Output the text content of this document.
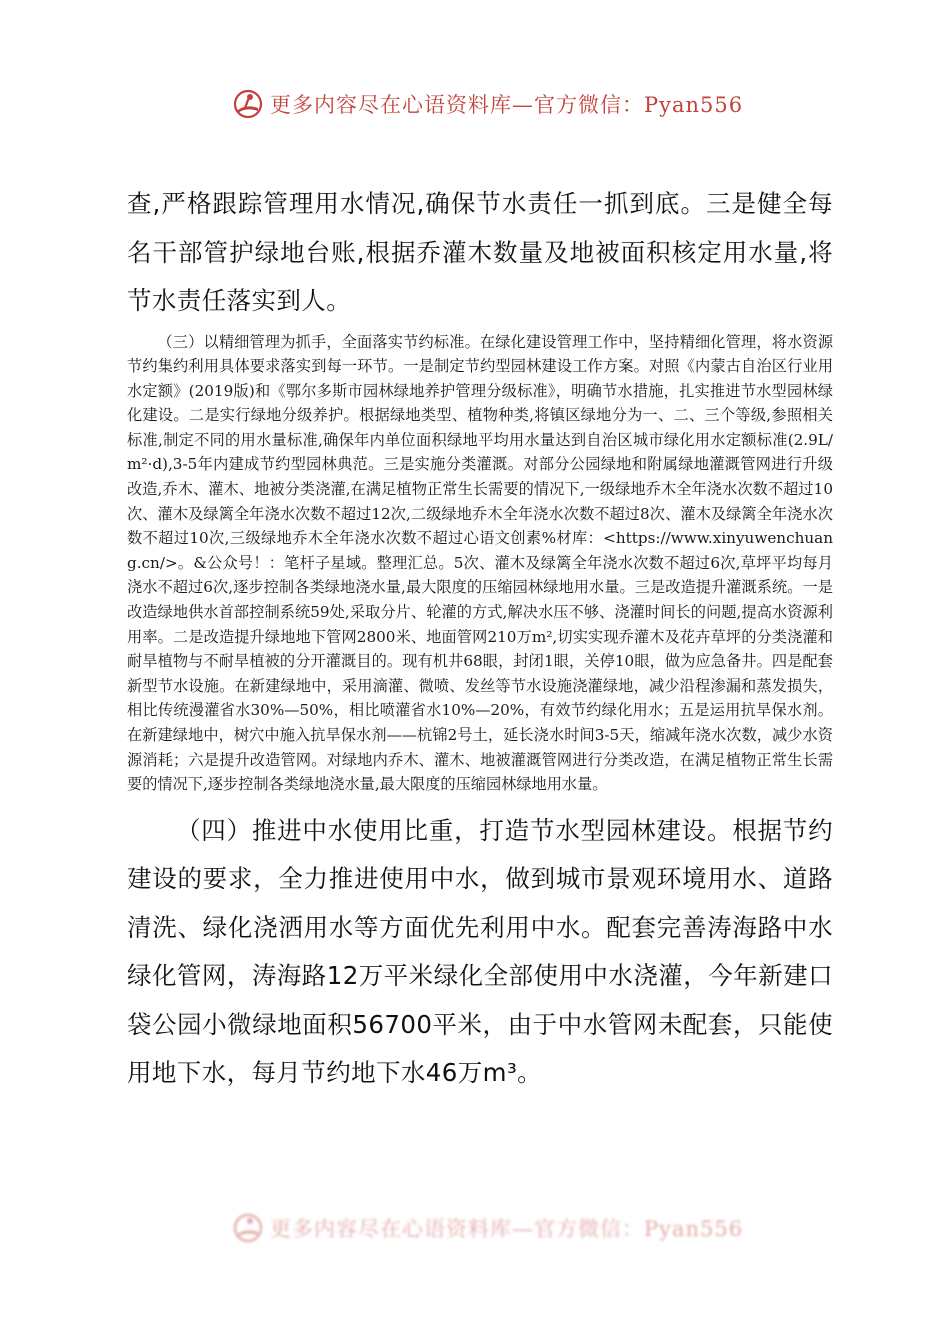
更多内容尽在心语资料库—官方微信：Pyan556

查,严格跟踪管理用水情况,确保节水责任一抓到底。三是健全每名干部管护绿地台账,根据乔灌木数量及地被面积核定用水量,将节水责任落实到人。

（三）以精细管理为抓手，全面落实节约标准。在绿化建设管理工作中，坚持精细化管理，将水资源节约集约利用具体要求落实到每一环节。一是制定节约型园林建设工作方案。对照《内蒙古自治区行业用水定额》(2019版)和《鄂尔多斯市园林绿地养护管理分级标准》，明确节水措施，扎实推进节水型园林绿化建设。二是实行绿地分级养护。根据绿地类型、植物种类,将镇区绿地分为一、二、三个等级,参照相关标准,制定不同的用水量标准,确保年内单位面积绿地平均用水量达到自治区城市绿化用水定额标准(2.9L/m²·d),3-5年内建成节约型园林典范。三是实施分类灌溉。对部分公园绿地和附属绿地灌溉管网进行升级改造,乔木、灌木、地被分类浇灌,在满足植物正常生长需要的情况下,一级绿地乔木全年浇水次数不超过10次、灌木及绿篱全年浇水次数不超过12次,二级绿地乔木全年浇水次数不超过8次、灌木及绿篱全年浇水次数不超过10次,三级绿地乔木全年浇水次数不超过心语文创素%材库：<https://www.xinyuwenchuang.cn/>。&公众号！：笔杆子星域。整理汇总。5次、灌木及绿篱全年浇水次数不超过6次,草坪平均每月浇水不超过6次,逐步控制各类绿地浇水量,最大限度的压缩园林绿地用水量。三是改造提升灌溉系统。一是改造绿地供水首部控制系统59处,采取分片、轮灌的方式,解决水压不够、浇灌时间长的问题,提高水资源利用率。二是改造提升绿地地下管网2800米、地面管网210万m²,切实实现乔灌木及花卉草坪的分类浇灌和耐旱植物与不耐旱植被的分开灌溉目的。现有机井68眼，封闭1眼，关停10眼，做为应急备井。四是配套新型节水设施。在新建绿地中，采用滴灌、微喷、发丝等节水设施浇灌绿地，减少沿程渗漏和蒸发损失，相比传统漫灌省水30%—50%，相比喷灌省水10%—20%，有效节约绿化用水；五是运用抗旱保水剂。在新建绿地中，树穴中施入抗旱保水剂——杭锦2号土，延长浇水时间3-5天，缩减年浇水次数，减少水资源消耗；六是提升改造管网。对绿地内乔木、灌木、地被灌溉管网进行分类改造，在满足植物正常生长需要的情况下,逐步控制各类绿地浇水量,最大限度的压缩园林绿地用水量。

（四）推进中水使用比重，打造节水型园林建设。根据节约建设的要求，全力推进使用中水，做到城市景观环境用水、道路清洗、绿化浇洒用水等方面优先利用中水。配套完善涛海路中水绿化管网，涛海路12万平米绿化全部使用中水浇灌，今年新建口袋公园小微绿地面积56700平米，由于中水管网未配套，只能使用地下水，每月节约地下水46万m³。

更多内容尽在心语资料库—官方微信：Pyan556
